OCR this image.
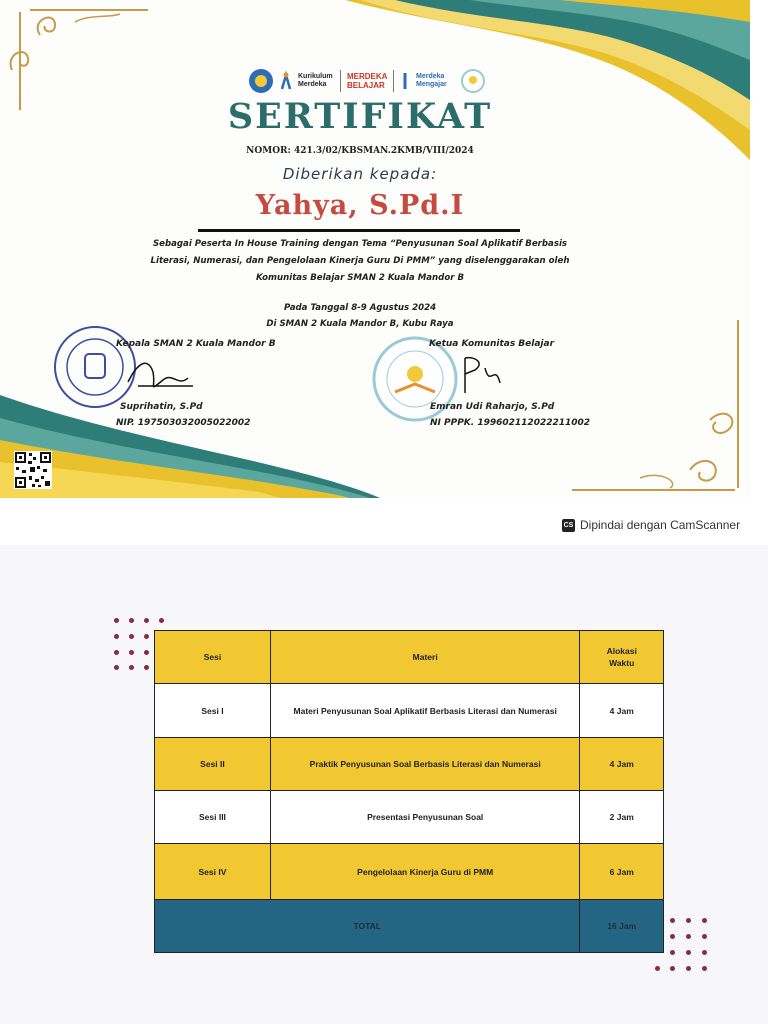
Kurikulum Merdeka
MERDEKA BELAJAR
Merdeka Mengajar
SERTIFIKAT
NOMOR: 421.3/02/KBSMAN.2KMB/VIII/2024
Diberikan kepada:
Yahya, S.Pd.I
Sebagai Peserta In House Training dengan Tema “Penyusunan Soal Aplikatif Berbasis
Literasi, Numerasi, dan Pengelolaan Kinerja Guru Di PMM” yang diselenggarakan oleh
Komunitas Belajar SMAN 2 Kuala Mandor B
Pada Tanggal 8-9 Agustus 2024
Di SMAN 2 Kuala Mandor B, Kubu Raya
Kepala SMAN 2 Kuala Mandor B
Suprihatin, S.Pd
NIP. 197503032005022002
Ketua Komunitas Belajar
Emran Udi Raharjo, S.Pd
NI PPPK. 199602112022211002
CS Dipindai dengan CamScanner
Sesi	Materi	Alokasi Waktu

Sesi I	Materi Penyusunan Soal Aplikatif Berbasis Literasi dan Numerasi	4 Jam
Sesi II	Praktik Penyusunan Soal Berbasis Literasi dan Numerasi	4 Jam
Sesi III	Presentasi Penyusunan Soal	2 Jam
Sesi IV	Pengelolaan Kinerja Guru di PMM	6 Jam
TOTAL		16 Jam
